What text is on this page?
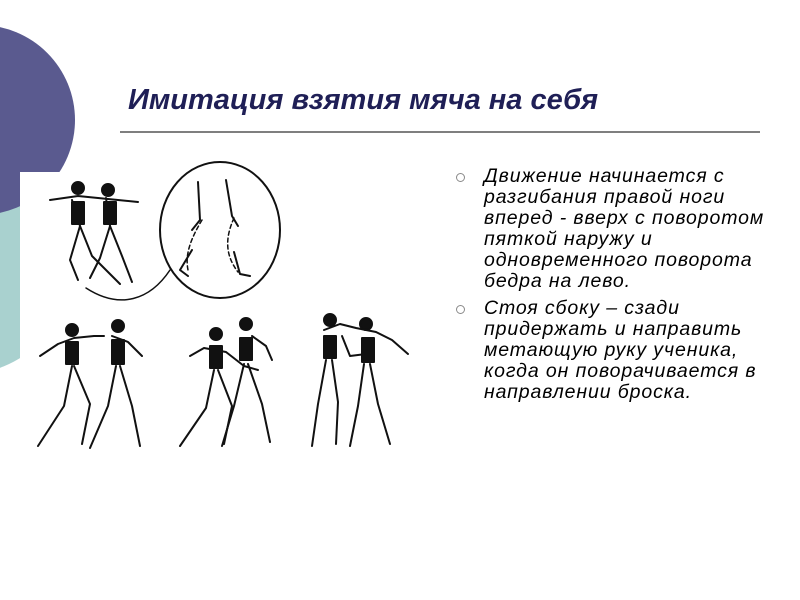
Имитация взятия мяча на себя
Движение начинается с разгибания правой ноги вперед - вверх с поворотом пяткой наружу и одновременного поворота бедра на лево.
Стоя сбоку – сзади придержать и направить метающую руку ученика, когда он поворачивается в направлении броска.
